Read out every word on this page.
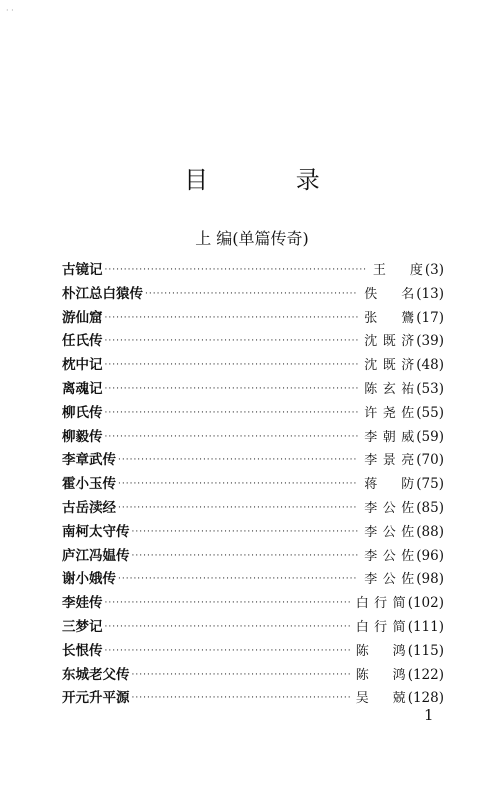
· ·
目 录
上 编(单篇传奇)
古镜记 ·····	王 度 (3)
朴江总白猿传 ·····	佚 名 (13)
游仙窟 ·····	张 鷟 (17)
任氏传 ·····	沈既济 (39)
枕中记 ·····	沈既济 (48)
离魂记 ·····	陈玄祐 (53)
柳氏传 ·····	许尧佐 (55)
柳毅传 ·····	李朝威 (59)
李章武传 ·····	李景亮 (70)
霍小玉传 ·····	蒋 防 (75)
古岳渎经 ·····	李公佐 (85)
南柯太守传 ·····	李公佐 (88)
庐江冯媪传 ·····	李公佐 (96)
谢小娥传 ·····	李公佐 (98)
李娃传 ·····	白行简 (102)
三梦记 ·····	白行简 (111)
长恨传 ·····	陈 鸿 (115)
东城老父传 ·····	陈 鸿 (122)
开元升平源 ·····	吴 兢 (128)
1
